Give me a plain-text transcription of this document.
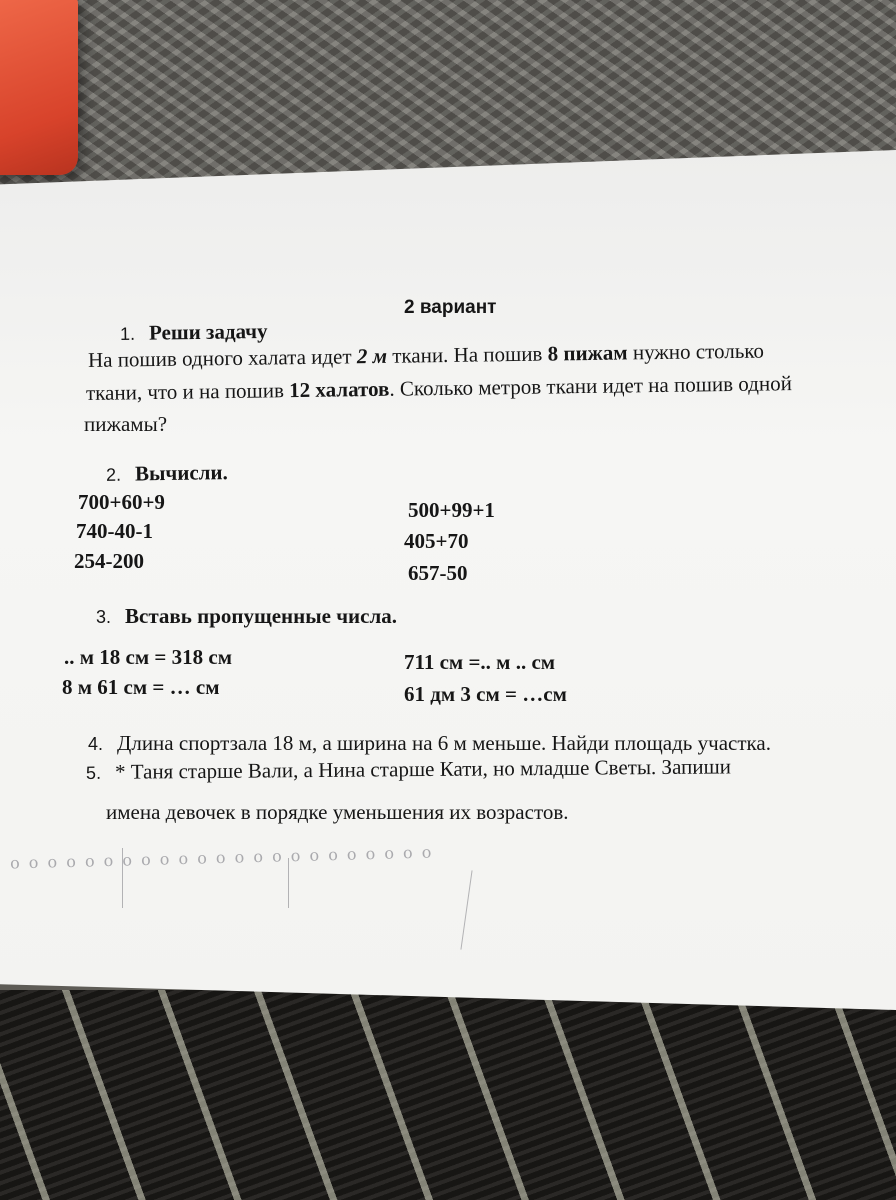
2 вариант
1. Реши задачу
На пошив одного халата идет 2 м ткани. На пошив 8 пижам нужно столько
ткани, что и на пошив 12 халатов. Сколько метров ткани идет на пошив одной
пижамы?
2. Вычисли.
700+60+9
740-40-1
254-200
500+99+1
405+70
657-50
3. Вставь пропущенные числа.
.. м 18 см = 318 см
8 м 61 см = … см
711 см =.. м .. см
61 дм 3 см = …см
4. Длина спортзала 18 м, а ширина на 6 м меньше. Найди площадь участка.
5. * Таня старше Вали, а Нина старше Кати, но младше Светы. Запиши
имена девочек в порядке уменьшения их возрастов.
о о о о о о о о о о о о о о о о о о о о о о о
